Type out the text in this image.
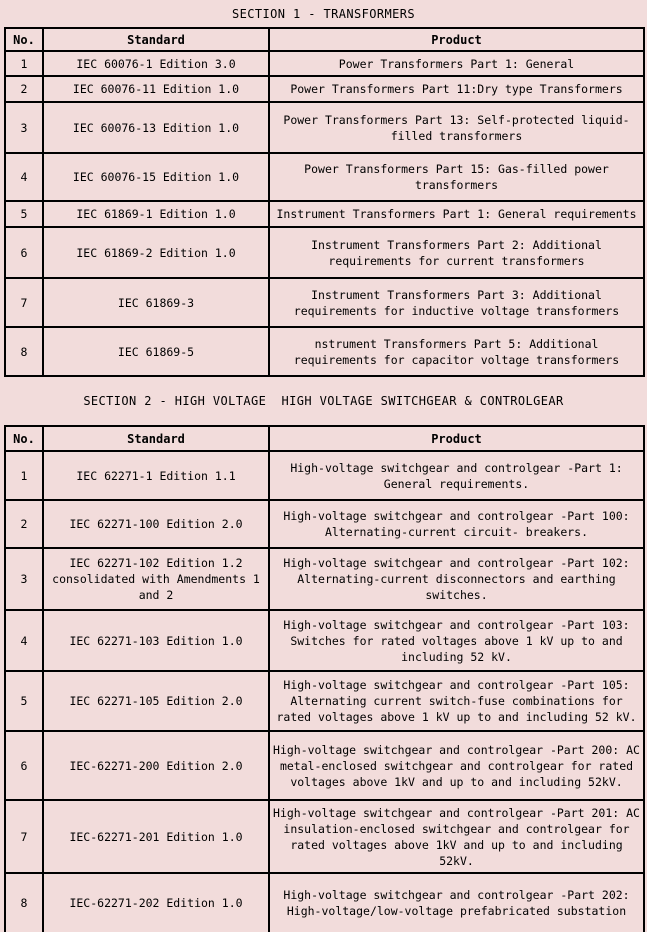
SECTION 1 - TRANSFORMERS
No.	Standard	Product
1	IEC 60076-1 Edition 3.0	Power Transformers Part 1: General
2	IEC 60076-11 Edition 1.0	Power Transformers Part 11:Dry type Transformers
3	IEC 60076-13 Edition 1.0	Power Transformers Part 13: Self-protected liquid-filled transformers
4	IEC 60076-15 Edition 1.0	Power Transformers Part 15: Gas-filled power transformers
5	IEC 61869-1 Edition 1.0	Instrument Transformers Part 1: General requirements
6	IEC 61869-2 Edition 1.0	Instrument Transformers Part 2: Additional requirements for current transformers
7	IEC 61869-3	Instrument Transformers Part 3: Additional requirements for inductive voltage transformers
8	IEC 61869-5	nstrument Transformers Part 5: Additional requirements for capacitor voltage transformers
SECTION 2 - HIGH VOLTAGE  HIGH VOLTAGE SWITCHGEAR & CONTROLGEAR
No.	Standard	Product
1	IEC 62271-1 Edition 1.1	High-voltage switchgear and controlgear -Part 1: General requirements.
2	IEC 62271-100 Edition 2.0	High-voltage switchgear and controlgear -Part 100: Alternating-current circuit- breakers.
3	IEC 62271-102 Edition 1.2 consolidated with Amendments 1 and 2	High-voltage switchgear and controlgear -Part 102: Alternating-current disconnectors and earthing switches.
4	IEC 62271-103 Edition 1.0	High-voltage switchgear and controlgear -Part 103: Switches for rated voltages above 1 kV up to and including 52 kV.
5	IEC 62271-105 Edition 2.0	High-voltage switchgear and controlgear -Part 105: Alternating current switch-fuse combinations for rated voltages above 1 kV up to and including 52 kV.
6	IEC-62271-200 Edition 2.0	High-voltage switchgear and controlgear -Part 200: AC metal-enclosed switchgear and controlgear for rated voltages above 1kV and up to and including 52kV.
7	IEC-62271-201 Edition 1.0	High-voltage switchgear and controlgear -Part 201: AC insulation-enclosed switchgear and controlgear for rated voltages above 1kV and up to and including 52kV.
8	IEC-62271-202 Edition 1.0	High-voltage switchgear and controlgear -Part 202: High-voltage/low-voltage prefabricated substation
